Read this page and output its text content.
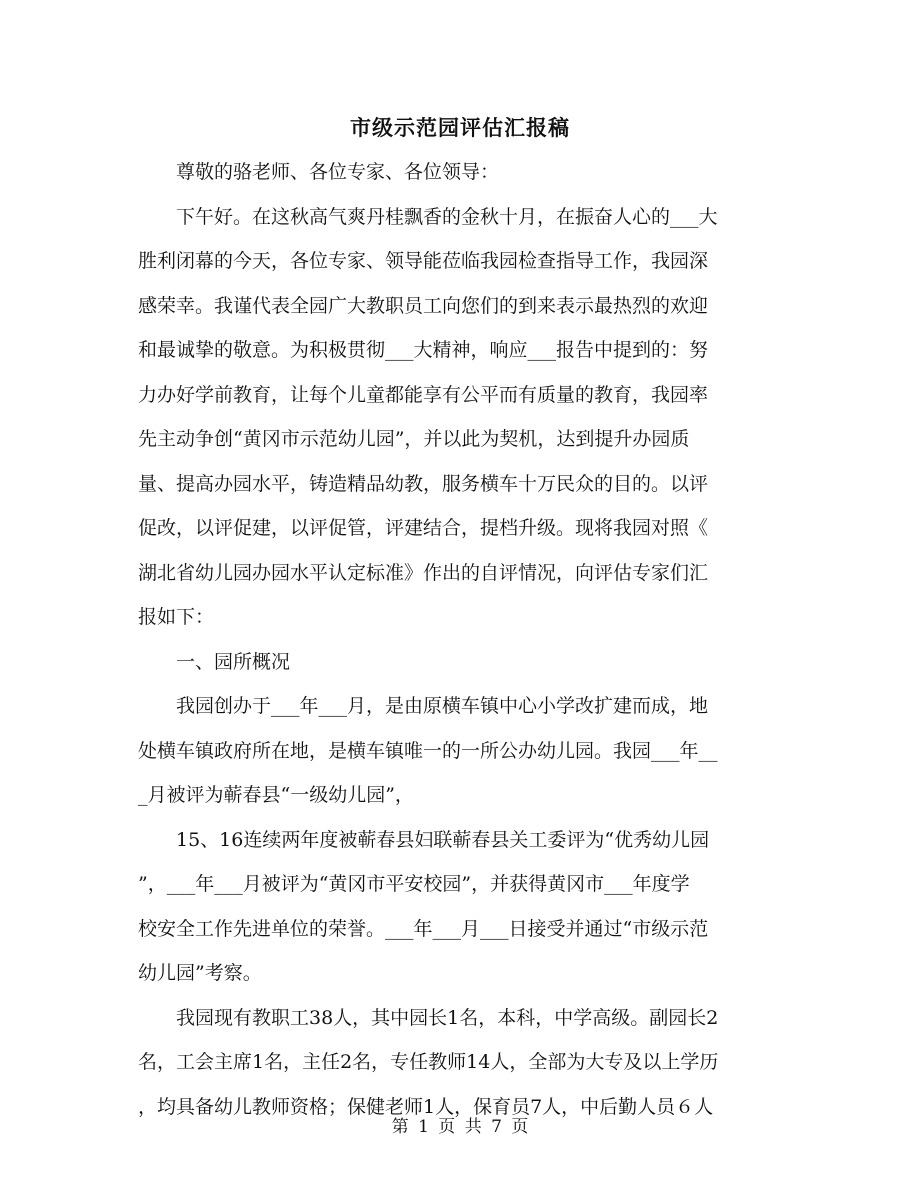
市级示范园评估汇报稿
尊敬的骆老师、各位专家、各位领导：
下午好。在这秋高气爽丹桂飘香的金秋十月，在振奋人心的___大
胜利闭幕的今天，各位专家、领导能莅临我园检查指导工作，我园深
感荣幸。我谨代表全园广大教职员工向您们的到来表示最热烈的欢迎
和最诚挚的敬意。为积极贯彻___大精神，响应___报告中提到的：努
力办好学前教育，让每个儿童都能享有公平而有质量的教育，我园率
先主动争创“黄冈市示范幼儿园”，并以此为契机，达到提升办园质
量、提高办园水平，铸造精品幼教，服务横车十万民众的目的。以评
促改，以评促建，以评促管，评建结合，提档升级。现将我园对照《
湖北省幼儿园办园水平认定标准》作出的自评情况，向评估专家们汇
报如下：
一、园所概况
我园创办于___年___月，是由原横车镇中心小学改扩建而成，地
处横车镇政府所在地，是横车镇唯一的一所公办幼儿园。我园___年__
_月被评为蕲春县“一级幼儿园”，
15、16连续两年度被蕲春县妇联蕲春县关工委评为“优秀幼儿园
”，___年___月被评为“黄冈市平安校园”，并获得黄冈市___年度学
校安全工作先进单位的荣誉。___年___月___日接受并通过“市级示范
幼儿园”考察。
我园现有教职工38人，其中园长1名，本科，中学高级。副园长2
名，工会主席1名，主任2名，专任教师14人，全部为大专及以上学历
，均具备幼儿教师资格；保健老师1人，保育员7人，中后勤人员６人
第 1 页 共 7 页
